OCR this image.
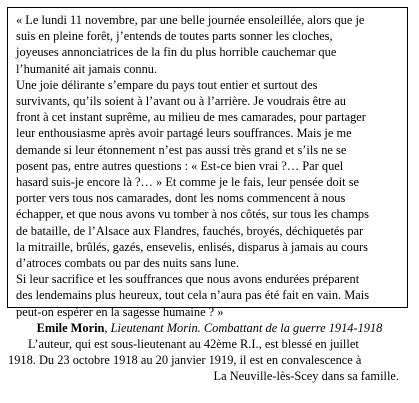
« Le lundi 11 novembre, par une belle journée ensoleillée, alors que je

suis en pleine forêt, j’entends de toutes parts sonner les cloches,

joyeuses annonciatrices de la fin du plus horrible cauchemar que

l’humanité ait jamais connu.

Une joie délirante s’empare du pays tout entier et surtout des

survivants, qu’ils soient à l’avant ou à l’arrière. Je voudrais être au

front à cet instant suprême, au milieu de mes camarades, pour partager

leur enthousiasme après avoir partagé leurs souffrances. Mais je me

demande si leur étonnement n’est pas aussi très grand et s’ils ne se

posent pas, entre autres questions : « Est-ce bien vrai ?… Par quel

hasard suis-je encore là ?… » Et comme je le fais, leur pensée doit se

porter vers tous nos camarades, dont les noms commencent à nous

échapper, et que nous avons vu tomber à nos côtés, sur tous les champs

de bataille, de l’Alsace aux Flandres, fauchés, broyés, déchiquetés par

la mitraille, brûlés, gazés, ensevelis, enlisés, disparus à jamais au cours

d’atroces combats ou par des nuits sans lune.

Si leur sacrifice et les souffrances que nous avons endurées préparent

des lendemains plus heureux, tout cela n’aura pas été fait en vain. Mais

peut-on espérer en la sagesse humaine ? »

Emile Morin, Lieutenant Morin. Combattant de la guerre 1914-1918

L’auteur, qui est sous-lieutenant au 42ème R.I., est blessé en juillet

1918. Du 23 octobre 1918 au 20 janvier 1919, il est en convalescence à

La Neuville-lès-Scey dans sa famille.
